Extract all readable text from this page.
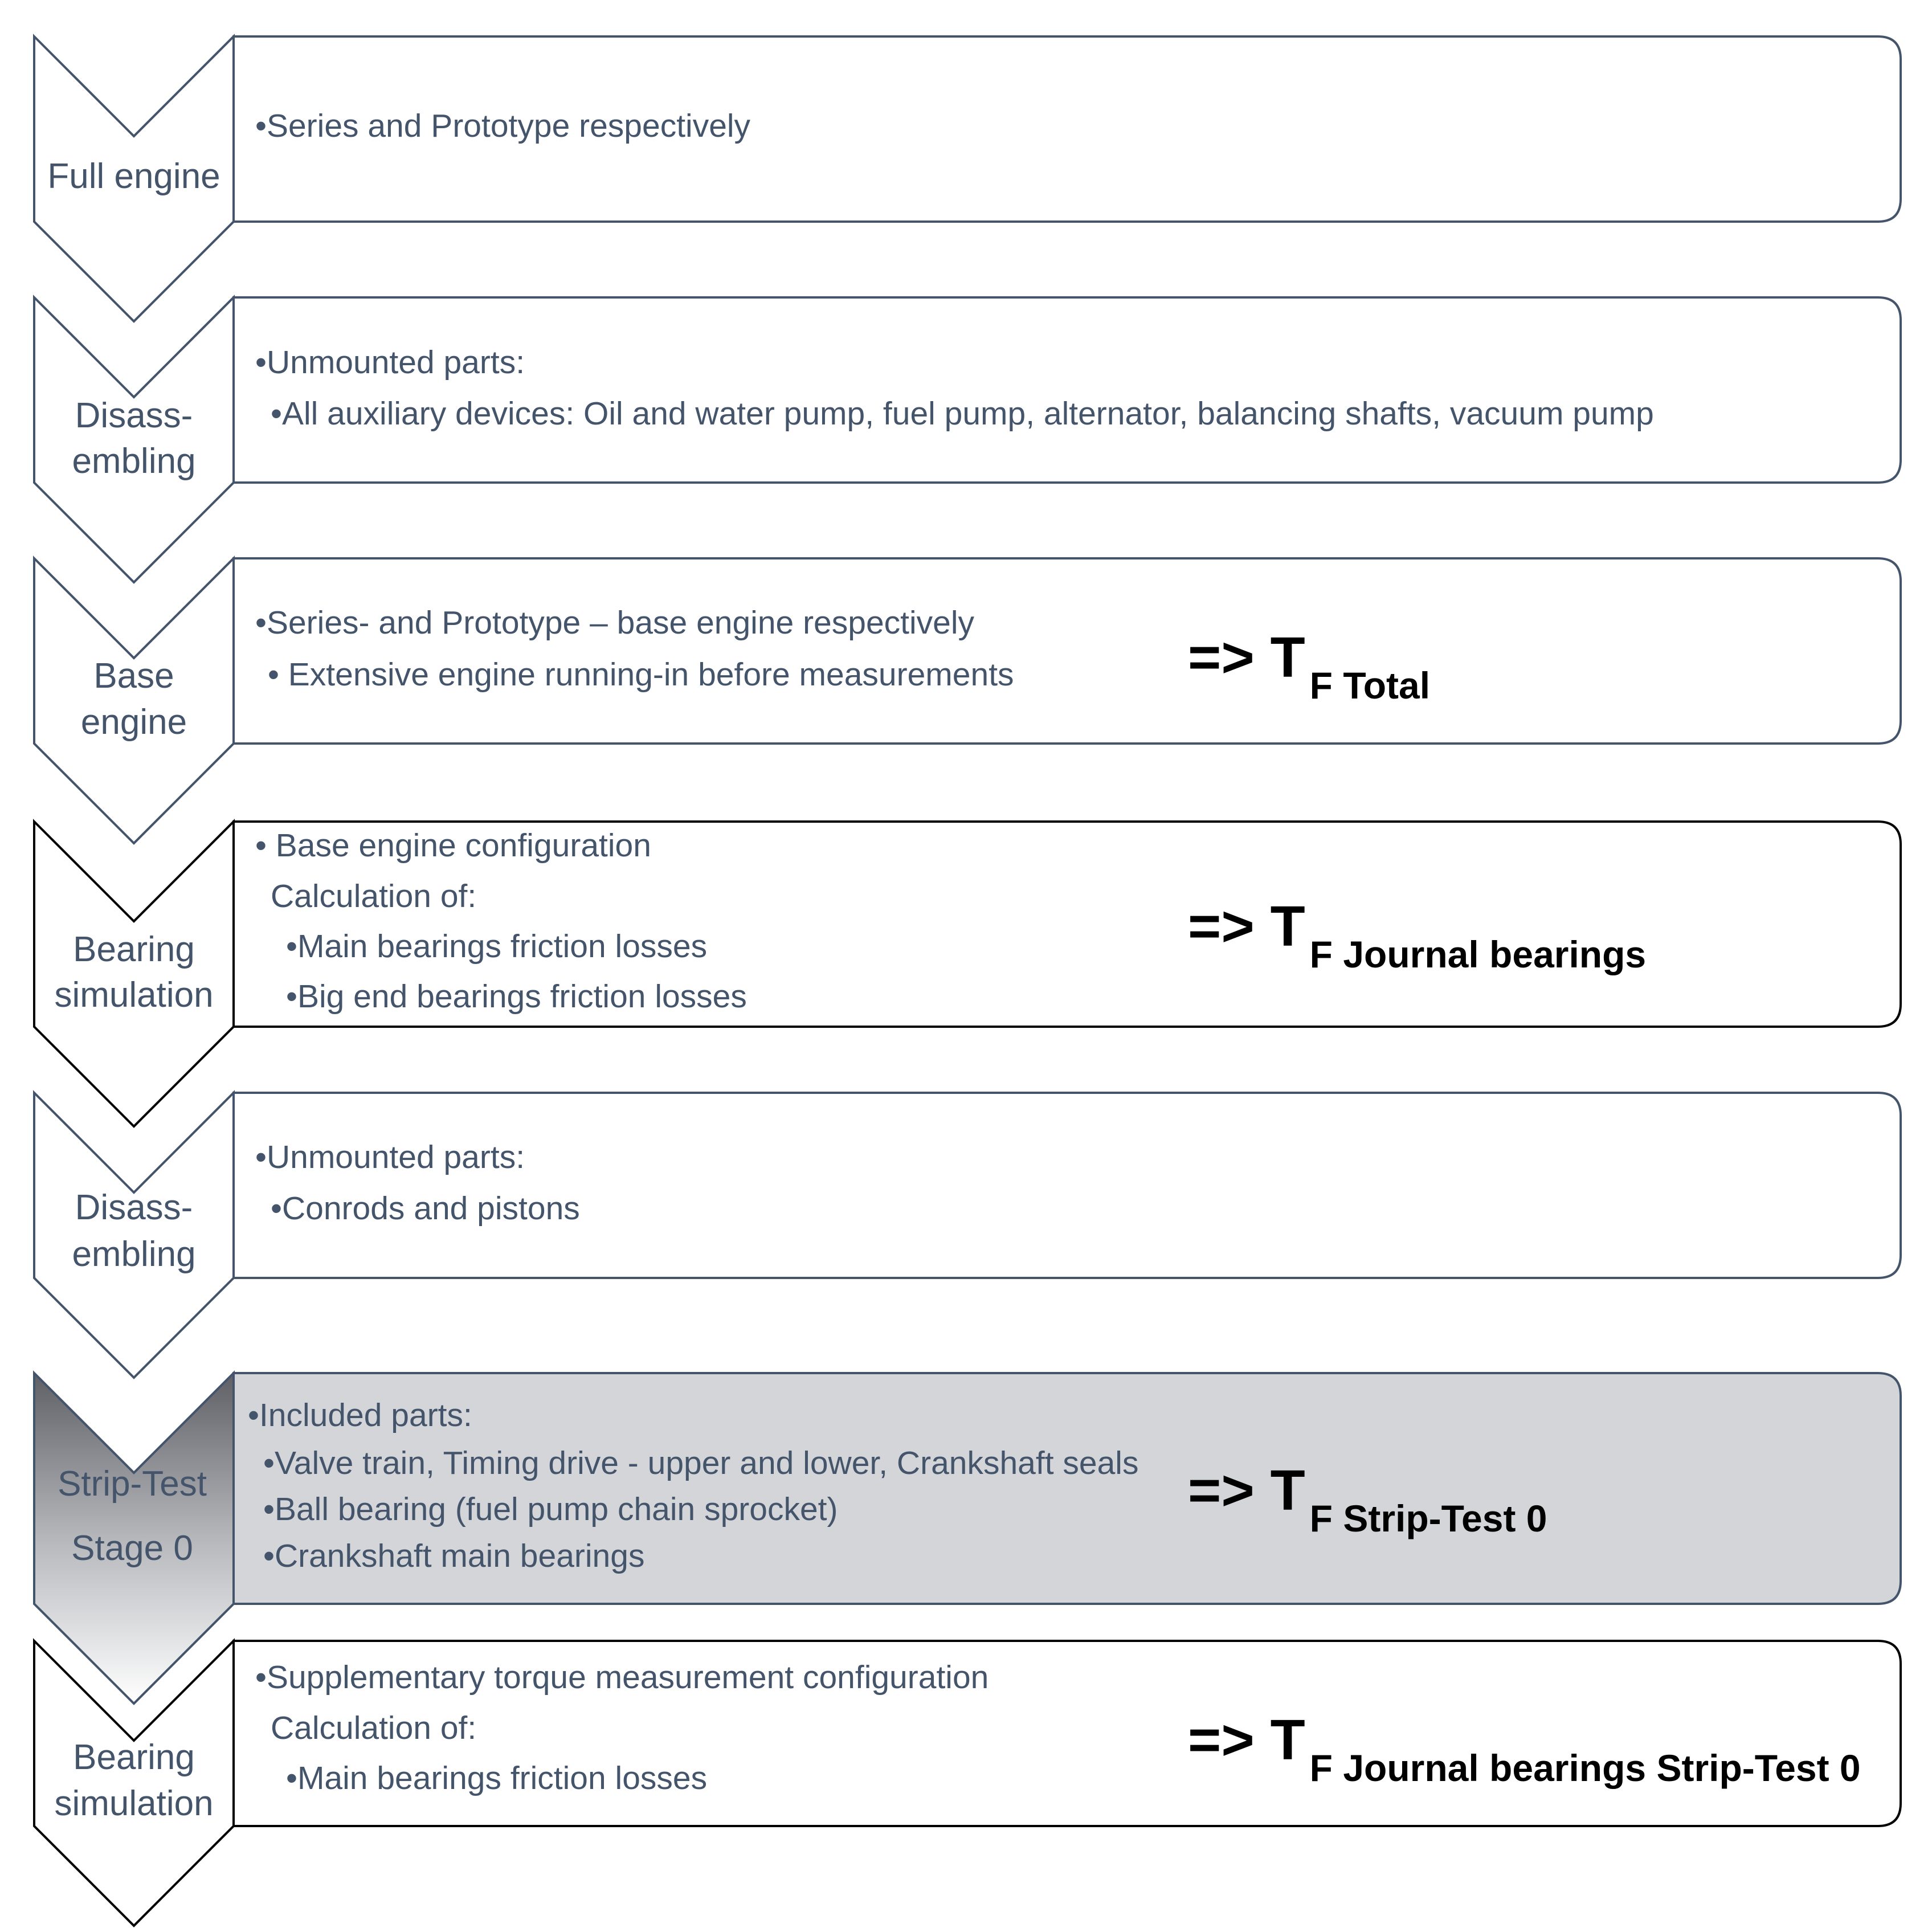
Full engine
•Series and Prototype respectively
Disass-
embling
•Unmounted parts:
•All auxiliary devices: Oil and water pump, fuel pump, alternator, balancing shafts, vacuum pump
Base
engine
•Series- and Prototype – base engine respectively
• Extensive engine running-in before measurements	=> T F Total
Bearing
simulation
• Base engine configuration
Calculation of:
•Main bearings friction losses
•Big end bearings friction losses
=> T F Journal bearings
Disass-
embling
•Unmounted parts:
•Conrods and pistons
Strip-Test
Stage 0
•Included parts:
•Valve train, Timing drive - upper and lower, Crankshaft seals
•Ball bearing (fuel pump chain sprocket)
•Crankshaft main bearings
=> T F Strip-Test 0
Bearing
simulation
•Supplementary torque measurement configuration
Calculation of:
•Main bearings friction losses
=> T F Journal bearings Strip-Test 0
